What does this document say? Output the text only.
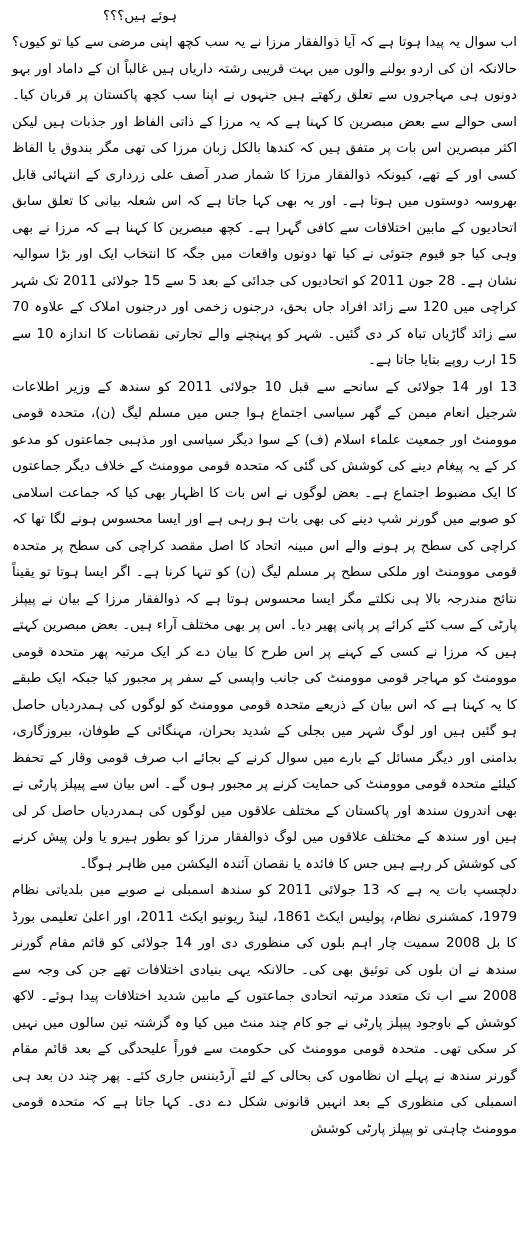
ہوئے ہیں؟؟؟

اب سوال یہ پیدا ہوتا ہے کہ آیا ذوالفقار مرزا نے یہ سب کچھ اپنی مرضی سے کیا تو کیوں؟ حالانکہ ان کی اردو بولنے والوں میں بہت قریبی رشتہ داریاں ہیں غالباً ان کے داماد اور بہو دونوں ہی مہاجروں سے تعلق رکھتے ہیں جنہوں نے اپنا سب کچھ پاکستان پر قربان کیا۔ اسی حوالے سے بعض مبصرین کا کہنا ہے کہ یہ مرزا کے ذاتی الفاظ اور جذبات ہیں لیکن اکثر مبصرین اس بات پر متفق ہیں کہ کندھا بالکل زبان مرزا کی تھی مگر بندوق یا الفاظ کسی اور کے تھے، کیونکہ ذوالفقار مرزا کا شمار صدر آصف علی زرداری کے انتہائی قابل بھروسہ دوستوں میں ہوتا ہے۔ اور یہ بھی کہا جاتا ہے کہ اس شعلہ بیانی کا تعلق سابق اتحادیوں کے مابین اختلافات سے کافی گہرا ہے۔ کچھ مبصرین کا کہنا ہے کہ مرزا نے بھی وہی کیا جو قیوم جتوئی نے کیا تھا دونوں واقعات میں جگہ کا انتخاب ایک اور بڑا سوالیہ نشان ہے۔ 28 جون 2011 کو اتحادیوں کی جدائی کے بعد 5 سے 15 جولائی 2011 تک شہر کراچی میں 120 سے زائد افراد جاں بحق، درجنوں زخمی اور درجنوں املاک کے علاوہ 70 سے زائد گاڑیاں تباہ کر دی گئیں۔ شہر کو پہنچنے والے تجارتی نقصانات کا اندازہ 10 سے 15 ارب روپے بتایا جاتا ہے۔

13 اور 14 جولائی کے سانحے سے قبل 10 جولائی 2011 کو سندھ کے وزیر اطلاعات شرجیل انعام میمن کے گھر سیاسی اجتماع ہوا جس میں مسلم لیگ (ن)، متحدہ قومی موومنٹ اور جمعیت علماء اسلام (ف) کے سوا دیگر سیاسی اور مذہبی جماعتوں کو مدعو کر کے یہ پیغام دینے کی کوشش کی گئی کہ متحدہ قومی موومنٹ کے خلاف دیگر جماعتوں کا ایک مضبوط اجتماع ہے۔ بعض لوگوں نے اس بات کا اظہار بھی کیا کہ جماعت اسلامی کو صوبے میں گورنر شپ دینے کی بھی بات ہو رہی ہے اور ایسا محسوس ہونے لگا تھا کہ کراچی کی سطح پر ہونے والے اس مبینہ اتحاد کا اصل مقصد کراچی کی سطح پر متحدہ قومی موومنٹ اور ملکی سطح پر مسلم لیگ (ن) کو تنہا کرنا ہے۔ اگر ایسا ہوتا تو یقیناً نتائج مندرجہ بالا ہی نکلتے مگر ایسا محسوس ہوتا ہے کہ ذوالفقار مرزا کے بیان نے پیپلز پارٹی کے سب کئے کرائے پر پانی پھیر دیا۔ اس پر بھی مختلف آراء ہیں۔ بعض مبصرین کہتے ہیں کہ مرزا نے کسی کے کہنے پر اس طرح کا بیان دے کر ایک مرتبہ پھر متحدہ قومی موومنٹ کو مہاجر قومی موومنٹ کی جانب واپسی کے سفر پر مجبور کیا جبکہ ایک طبقے کا یہ کہنا ہے کہ اس بیان کے ذریعے متحدہ قومی موومنٹ کو لوگوں کی ہمدردیاں حاصل ہو گئیں ہیں اور لوگ شہر میں بجلی کے شدید بحران، مہنگائی کے طوفان، بیروزگاری، بدامنی اور دیگر مسائل کے بارے میں سوال کرنے کے بجائے اب صرف قومی وقار کے تحفظ کیلئے متحدہ قومی موومنٹ کی حمایت کرنے پر مجبور ہوں گے۔ اس بیان سے پیپلز پارٹی نے بھی اندرون سندھ اور پاکستان کے مختلف علاقوں میں لوگوں کی ہمدردیاں حاصل کر لی ہیں اور سندھ کے مختلف علاقوں میں لوگ ذوالفقار مرزا کو بطور ہیرو یا ولن پیش کرنے کی کوشش کر رہے ہیں جس کا فائدہ یا نقصان آئندہ الیکشن میں ظاہر ہوگا۔

دلچسپ بات یہ ہے کہ 13 جولائی 2011 کو سندھ اسمبلی نے صوبے میں بلدیاتی نظام 1979، کمشنری نظام، پولیس ایکٹ 1861، لینڈ ریونیو ایکٹ 2011، اور اعلیٰ تعلیمی بورڈ کا بل 2008 سمیت چار اہم بلوں کی منظوری دی اور 14 جولائی کو قائم مقام گورنر سندھ نے ان بلوں کی توثیق بھی کی۔ حالانکہ یہی بنیادی اختلافات تھے جن کی وجہ سے 2008 سے اب تک متعدد مرتبہ اتحادی جماعتوں کے مابین شدید اختلافات پیدا ہوئے۔ لاکھ کوشش کے باوجود پیپلز پارٹی نے جو کام چند منٹ میں کیا وہ گزشتہ تین سالوں میں نہیں کر سکی تھی۔ متحدہ قومی موومنٹ کی حکومت سے فوراً علیحدگی کے بعد قائم مقام گورنر سندھ نے پہلے ان نظاموں کی بحالی کے لئے آرڈیننس جاری کئے۔ پھر چند دن بعد ہی اسمبلی کی منظوری کے بعد انہیں قانونی شکل دے دی۔ کہا جاتا ہے کہ متحدہ قومی موومنٹ چاہتی تو پیپلز پارٹی کوشش
